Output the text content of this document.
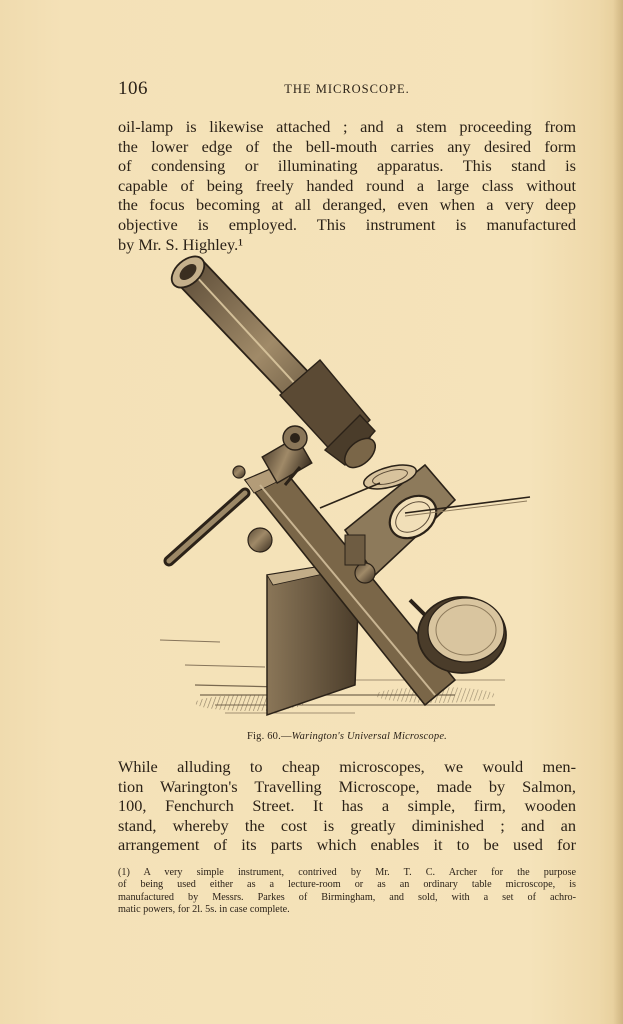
106	THE MICROSCOPE.

oil-lamp is likewise attached ; and a stem proceeding from
the lower edge of the bell-mouth carries any desired form
of condensing or illuminating apparatus. This stand is
capable of being freely handed round a large class without
the focus becoming at all deranged, even when a very deep
objective is employed. This instrument is manufactured
by Mr. S. Highley.¹

Fig. 60.—Warington's Universal Microscope.

While alluding to cheap microscopes, we would men-
tion Warington's Travelling Microscope, made by Salmon,
100, Fenchurch Street. It has a simple, firm, wooden
stand, whereby the cost is greatly diminished ; and an
arrangement of its parts which enables it to be used for

(1) A very simple instrument, contrived by Mr. T. C. Archer for the purpose
of being used either as a lecture-room or as an ordinary table microscope, is
manufactured by Messrs. Parkes of Birmingham, and sold, with a set of achro-
matic powers, for 2l. 5s. in case complete.
